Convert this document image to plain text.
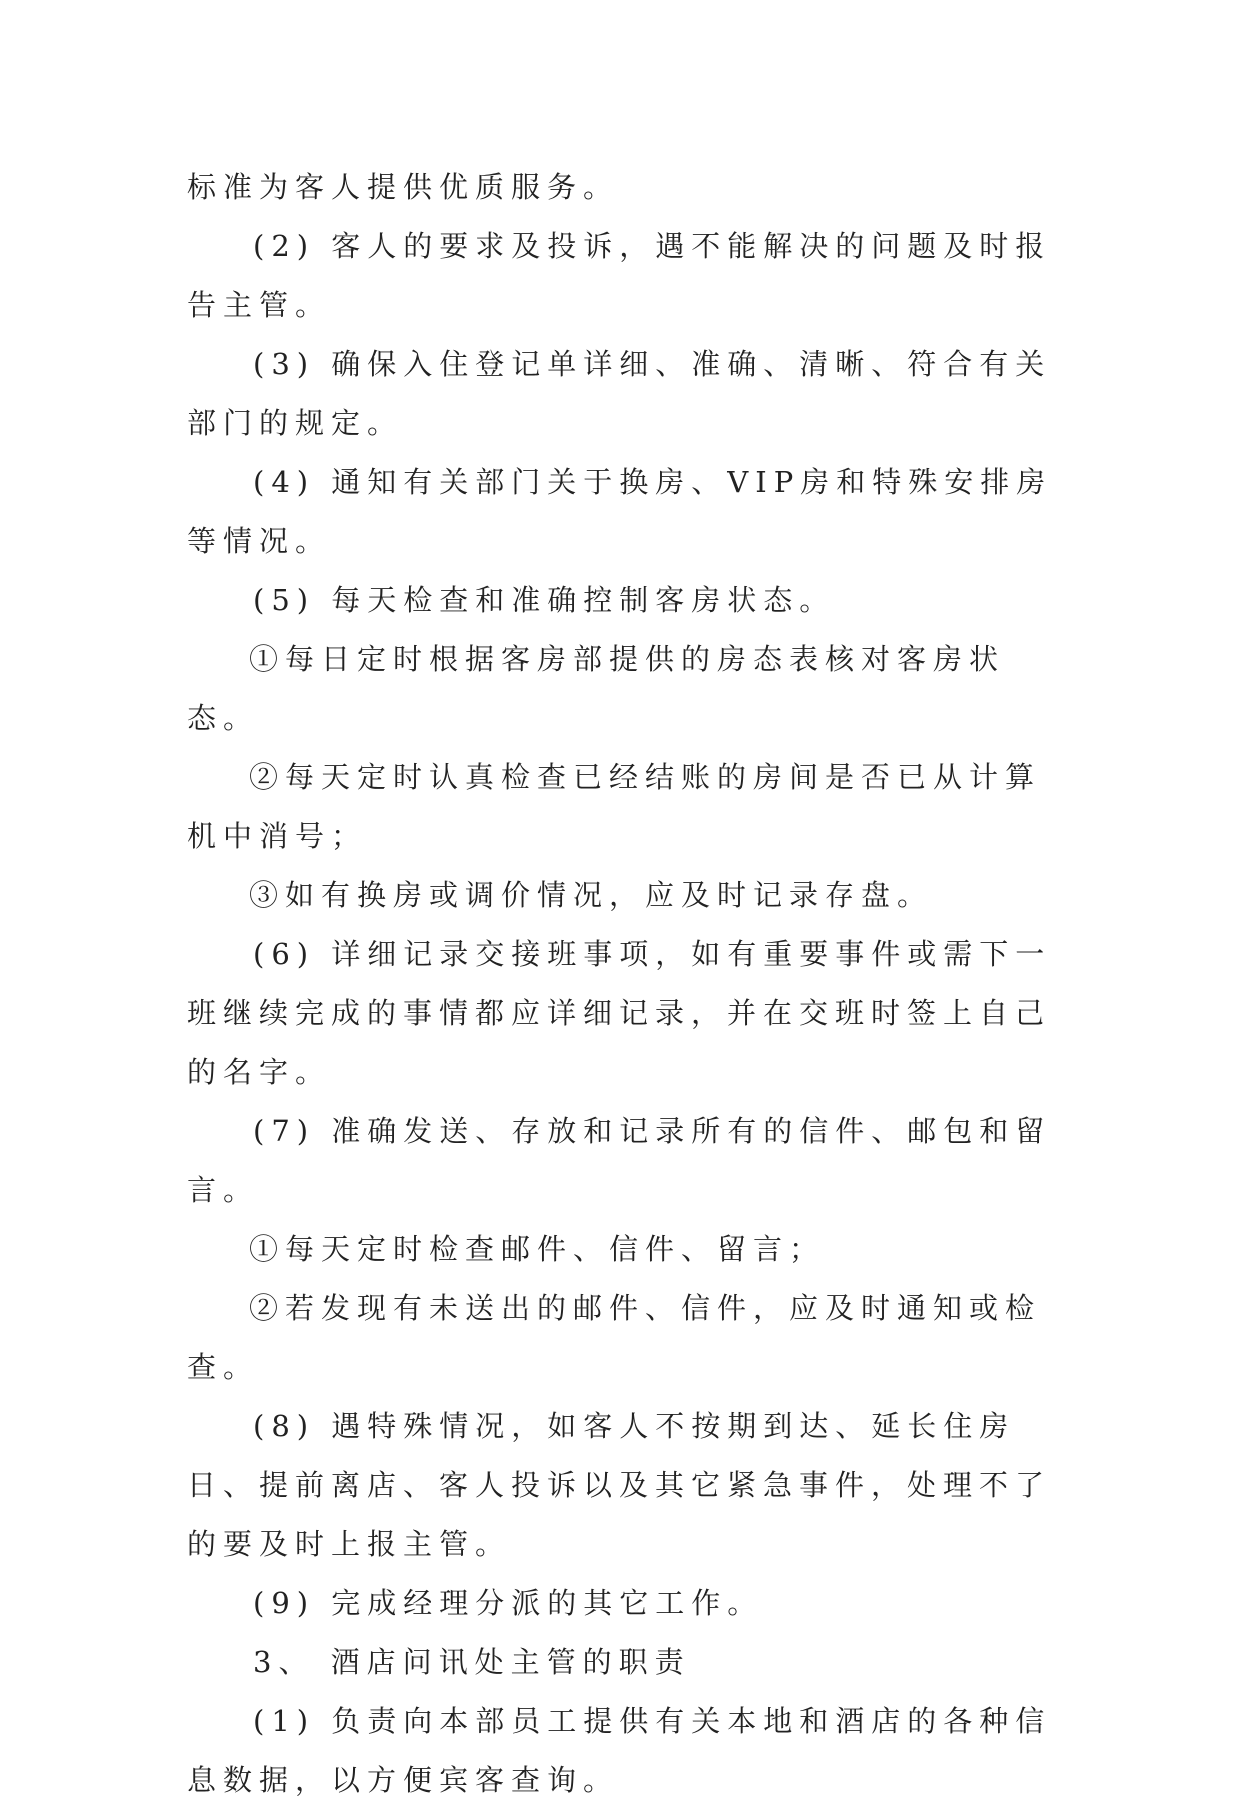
标准为客人提供优质服务。

(2) 客人的要求及投诉，遇不能解决的问题及时报告主管。

(3) 确保入住登记单详细、准确、清晰、符合有关部门的规定。

(4) 通知有关部门关于换房、VIP房和特殊安排房等情况。

(5) 每天检查和准确控制客房状态。

①每日定时根据客房部提供的房态表核对客房状态。

②每天定时认真检查已经结账的房间是否已从计算机中消号；

③如有换房或调价情况，应及时记录存盘。

(6) 详细记录交接班事项，如有重要事件或需下一班继续完成的事情都应详细记录，并在交班时签上自己的名字。

(7) 准确发送、存放和记录所有的信件、邮包和留言。

①每天定时检查邮件、信件、留言；

②若发现有未送出的邮件、信件，应及时通知或检查。

(8) 遇特殊情况，如客人不按期到达、延长住房日、提前离店、客人投诉以及其它紧急事件，处理不了的要及时上报主管。

(9) 完成经理分派的其它工作。

3、 酒店问讯处主管的职责

(1) 负责向本部员工提供有关本地和酒店的各种信息数据，以方便宾客查询。
